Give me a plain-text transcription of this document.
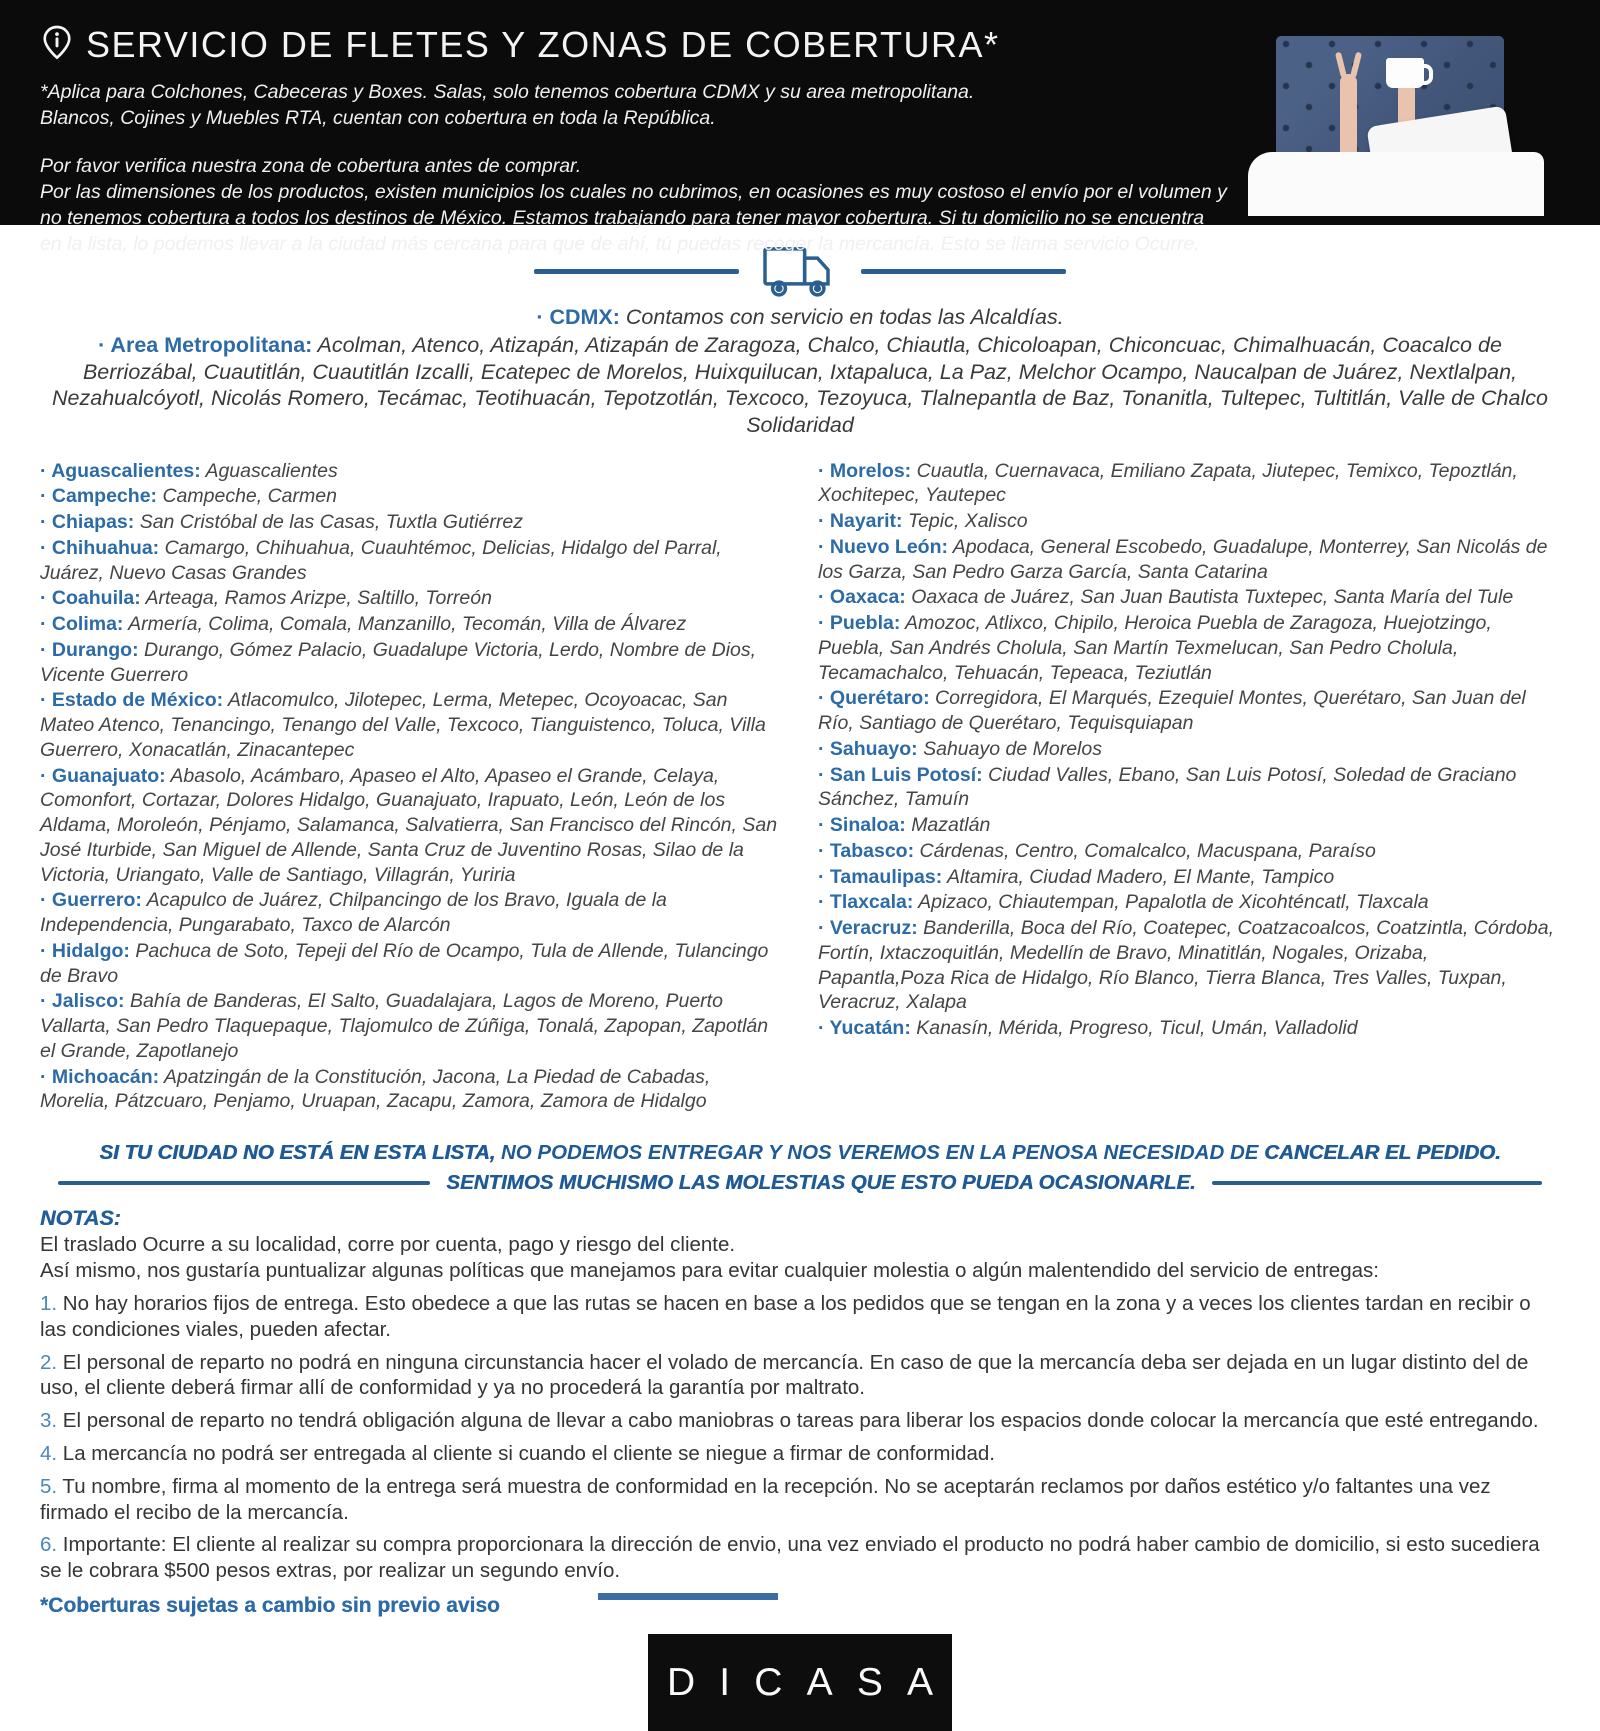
SERVICIO DE FLETES Y ZONAS DE COBERTURA*
*Aplica para Colchones, Cabeceras y Boxes. Salas, solo tenemos cobertura CDMX y su area metropolitana.
Blancos, Cojines y Muebles RTA, cuentan con cobertura en toda la República.
Por favor verifica nuestra zona de cobertura antes de comprar.
Por las dimensiones de los productos, existen municipios los cuales no cubrimos, en ocasiones es muy costoso el envío por el volumen y no tenemos cobertura a todos los destinos de México. Estamos trabajando para tener mayor cobertura. Si tu domicilio no se encuentra en la lista, lo podemos llevar a la ciudad más cercana para que de ahí, tú puedas recoger la mercancía. Esto se llama servicio Ocurre.
· CDMX: Contamos con servicio en todas las Alcaldías.
· Area Metropolitana: Acolman, Atenco, Atizapán, Atizapán de Zaragoza, Chalco, Chiautla, Chicoloapan, Chiconcuac, Chimalhuacán, Coacalco de Berriozábal, Cuautitlán, Cuautitlán Izcalli, Ecatepec de Morelos, Huixquilucan, Ixtapaluca, La Paz, Melchor Ocampo, Naucalpan de Juárez, Nextlalpan, Nezahualcóyotl, Nicolás Romero, Tecámac, Teotihuacán, Tepotzotlán, Texcoco, Tezoyuca, Tlalnepantla de Baz, Tonanitla, Tultepec, Tultitlán, Valle de Chalco Solidaridad

· Aguascalientes: Aguascalientes

· Campeche: Campeche, Carmen

· Chiapas: San Cristóbal de las Casas, Tuxtla Gutiérrez

· Chihuahua: Camargo, Chihuahua, Cuauhtémoc, Delicias, Hidalgo del Parral, Juárez, Nuevo Casas Grandes

· Coahuila: Arteaga, Ramos Arizpe, Saltillo, Torreón

· Colima: Armería, Colima, Comala, Manzanillo, Tecomán, Villa de Álvarez

· Durango: Durango, Gómez Palacio, Guadalupe Victoria, Lerdo, Nombre de Dios, Vicente Guerrero

· Estado de México: Atlacomulco, Jilotepec, Lerma, Metepec, Ocoyoacac, San Mateo Atenco, Tenancingo, Tenango del Valle, Texcoco, Tianguistenco, Toluca, Villa Guerrero, Xonacatlán, Zinacantepec

· Guanajuato: Abasolo, Acámbaro, Apaseo el Alto, Apaseo el Grande, Celaya, Comonfort, Cortazar, Dolores Hidalgo, Guanajuato, Irapuato, León, León de los Aldama, Moroleón, Pénjamo, Salamanca, Salvatierra, San Francisco del Rincón, San José Iturbide, San Miguel de Allende, Santa Cruz de Juventino Rosas, Silao de la Victoria, Uriangato, Valle de Santiago, Villagrán, Yuriria

· Guerrero: Acapulco de Juárez, Chilpancingo de los Bravo, Iguala de la Independencia, Pungarabato, Taxco de Alarcón

· Hidalgo: Pachuca de Soto, Tepeji del Río de Ocampo, Tula de Allende, Tulancingo de Bravo

· Jalisco: Bahía de Banderas, El Salto, Guadalajara, Lagos de Moreno, Puerto Vallarta, San Pedro Tlaquepaque, Tlajomulco de Zúñiga, Tonalá, Zapopan, Zapotlán el Grande, Zapotlanejo

· Michoacán: Apatzingán de la Constitución, Jacona, La Piedad de Cabadas, Morelia, Pátzcuaro, Penjamo, Uruapan, Zacapu, Zamora, Zamora de Hidalgo

· Morelos: Cuautla, Cuernavaca, Emiliano Zapata, Jiutepec, Temixco, Tepoztlán, Xochitepec, Yautepec

· Nayarit: Tepic, Xalisco

· Nuevo León: Apodaca, General Escobedo, Guadalupe, Monterrey, San Nicolás de los Garza, San Pedro Garza García, Santa Catarina

· Oaxaca: Oaxaca de Juárez, San Juan Bautista Tuxtepec, Santa María del Tule

· Puebla: Amozoc, Atlixco, Chipilo, Heroica Puebla de Zaragoza, Huejotzingo, Puebla, San Andrés Cholula, San Martín Texmelucan, San Pedro Cholula, Tecamachalco, Tehuacán, Tepeaca, Teziutlán

· Querétaro: Corregidora, El Marqués, Ezequiel Montes, Querétaro, San Juan del Río, Santiago de Querétaro, Tequisquiapan

· Sahuayo: Sahuayo de Morelos

· San Luis Potosí: Ciudad Valles, Ebano, San Luis Potosí, Soledad de Graciano Sánchez, Tamuín

· Sinaloa: Mazatlán

· Tabasco: Cárdenas, Centro, Comalcalco, Macuspana, Paraíso

· Tamaulipas: Altamira, Ciudad Madero, El Mante, Tampico

· Tlaxcala: Apizaco, Chiautempan, Papalotla de Xicohténcatl, Tlaxcala

· Veracruz: Banderilla, Boca del Río, Coatepec, Coatzacoalcos, Coatzintla, Córdoba, Fortín, Ixtaczoquitlán, Medellín de Bravo, Minatitlán, Nogales, Orizaba, Papantla,Poza Rica de Hidalgo, Río Blanco, Tierra Blanca, Tres Valles, Tuxpan, Veracruz, Xalapa

· Yucatán: Kanasín, Mérida, Progreso, Ticul, Umán, Valladolid

SI TU CIUDAD NO ESTÁ EN ESTA LISTA, NO PODEMOS ENTREGAR Y NOS VEREMOS EN LA PENOSA NECESIDAD DE CANCELAR EL PEDIDO.
SENTIMOS MUCHISMO LAS MOLESTIAS QUE ESTO PUEDA OCASIONARLE.

NOTAS:

El traslado Ocurre a su localidad, corre por cuenta, pago y riesgo del cliente.

Así mismo, nos gustaría puntualizar algunas políticas que manejamos para evitar cualquier molestia o algún malentendido del servicio de entregas:

1. No hay horarios fijos de entrega. Esto obedece a que las rutas se hacen en base a los pedidos que se tengan en la zona y a veces los clientes tardan en recibir o las condiciones viales, pueden afectar.

2. El personal de reparto no podrá en ninguna circunstancia hacer el volado de mercancía. En caso de que la mercancía deba ser dejada en un lugar distinto del de uso, el cliente deberá firmar allí de conformidad y ya no procederá la garantía por maltrato.

3. El personal de reparto no tendrá obligación alguna de llevar a cabo maniobras o tareas para liberar los espacios donde colocar la mercancía que esté entregando.

4. La mercancía no podrá ser entregada al cliente si cuando el cliente se niegue a firmar de conformidad.

5. Tu nombre, firma al momento de la entrega será muestra de conformidad en la recepción. No se aceptarán reclamos por daños estético y/o faltantes una vez firmado el recibo de la mercancía.

6. Importante: El cliente al realizar su compra proporcionara la dirección de envio, una vez enviado el producto no podrá haber cambio de domicilio, si esto sucediera se le cobrara $500 pesos extras, por realizar un segundo envío.

*Coberturas sujetas a cambio sin previo aviso
DICASA
